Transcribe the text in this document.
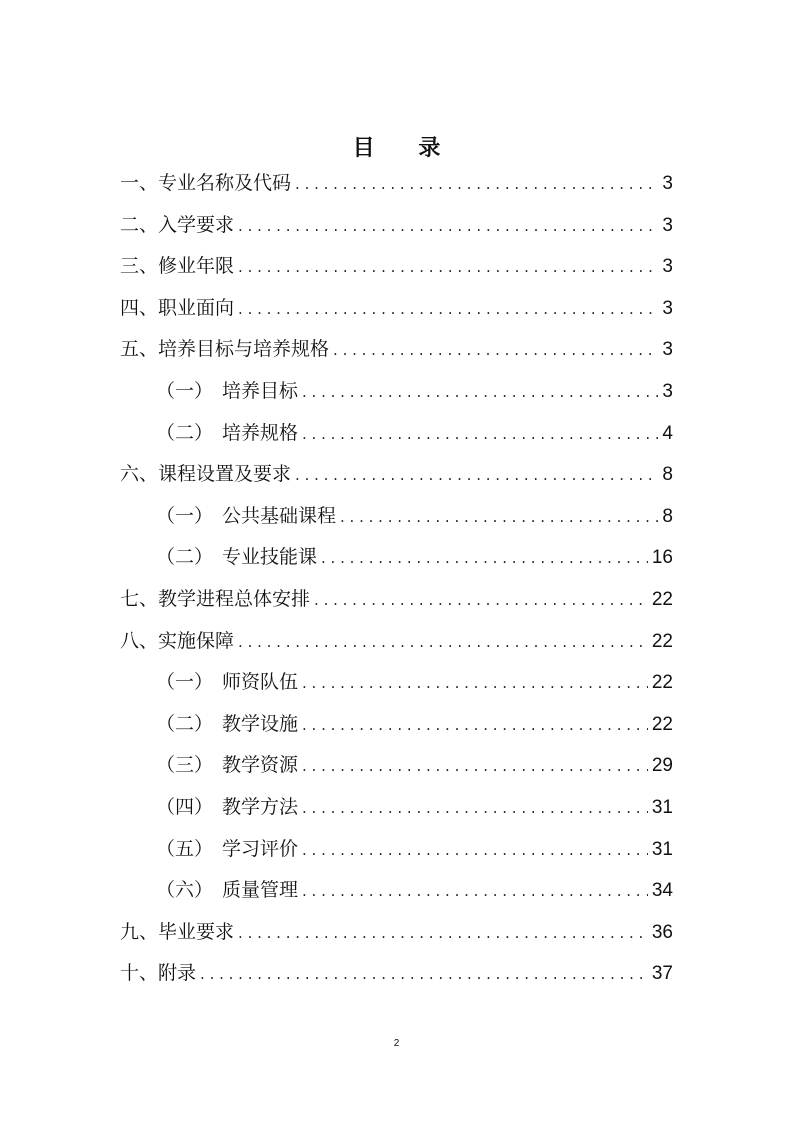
目 录
一、 专业名称及代码 . . .	3
二、 入学要求 . . .	3
三、 修业年限 . . .	3
四、 职业面向 . . .	3
五、 培养目标与培养规格 . . .	3
（一） 培养目标 . . .	3
（二） 培养规格 . . .	4
六、 课程设置及要求 . . .	8
（一） 公共基础课程 . . .	8
（二） 专业技能课 . . .	16
七、 教学进程总体安排 . . .	22
八、 实施保障 . . .	22
（一） 师资队伍 . . .	22
（二） 教学设施 . . .	22
（三） 教学资源 . . .	29
（四） 教学方法 . . .	31
（五） 学习评价 . . .	31
（六） 质量管理 . . .	34
九、 毕业要求 . . .	36
十、 附录 . . .	37
2
